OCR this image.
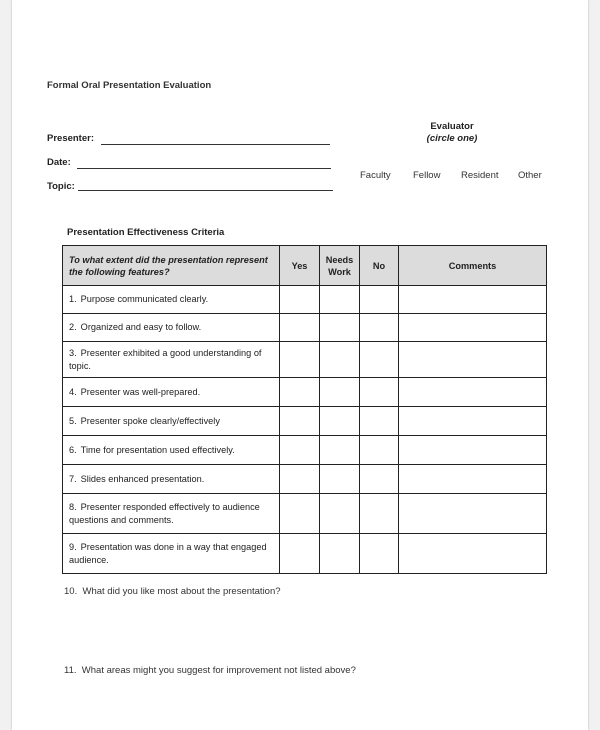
Formal Oral Presentation Evaluation
Presenter:
Date:
Topic:
Evaluator
(circle one)
Faculty Fellow Resident Other
Presentation Effectiveness Criteria
To what extent did the presentation represent the following features?	Yes	Needs Work	No	Comments
1. Purpose communicated clearly.				
2. Organized and easy to follow.				
3. Presenter exhibited a good understanding of topic.				
4. Presenter was well-prepared.				
5. Presenter spoke clearly/effectively				
6. Time for presentation used effectively.				
7. Slides enhanced presentation.				
8. Presenter responded effectively to audience questions and comments.				
9. Presentation was done in a way that engaged audience.				
10. What did you like most about the presentation?
11. What areas might you suggest for improvement not listed above?
